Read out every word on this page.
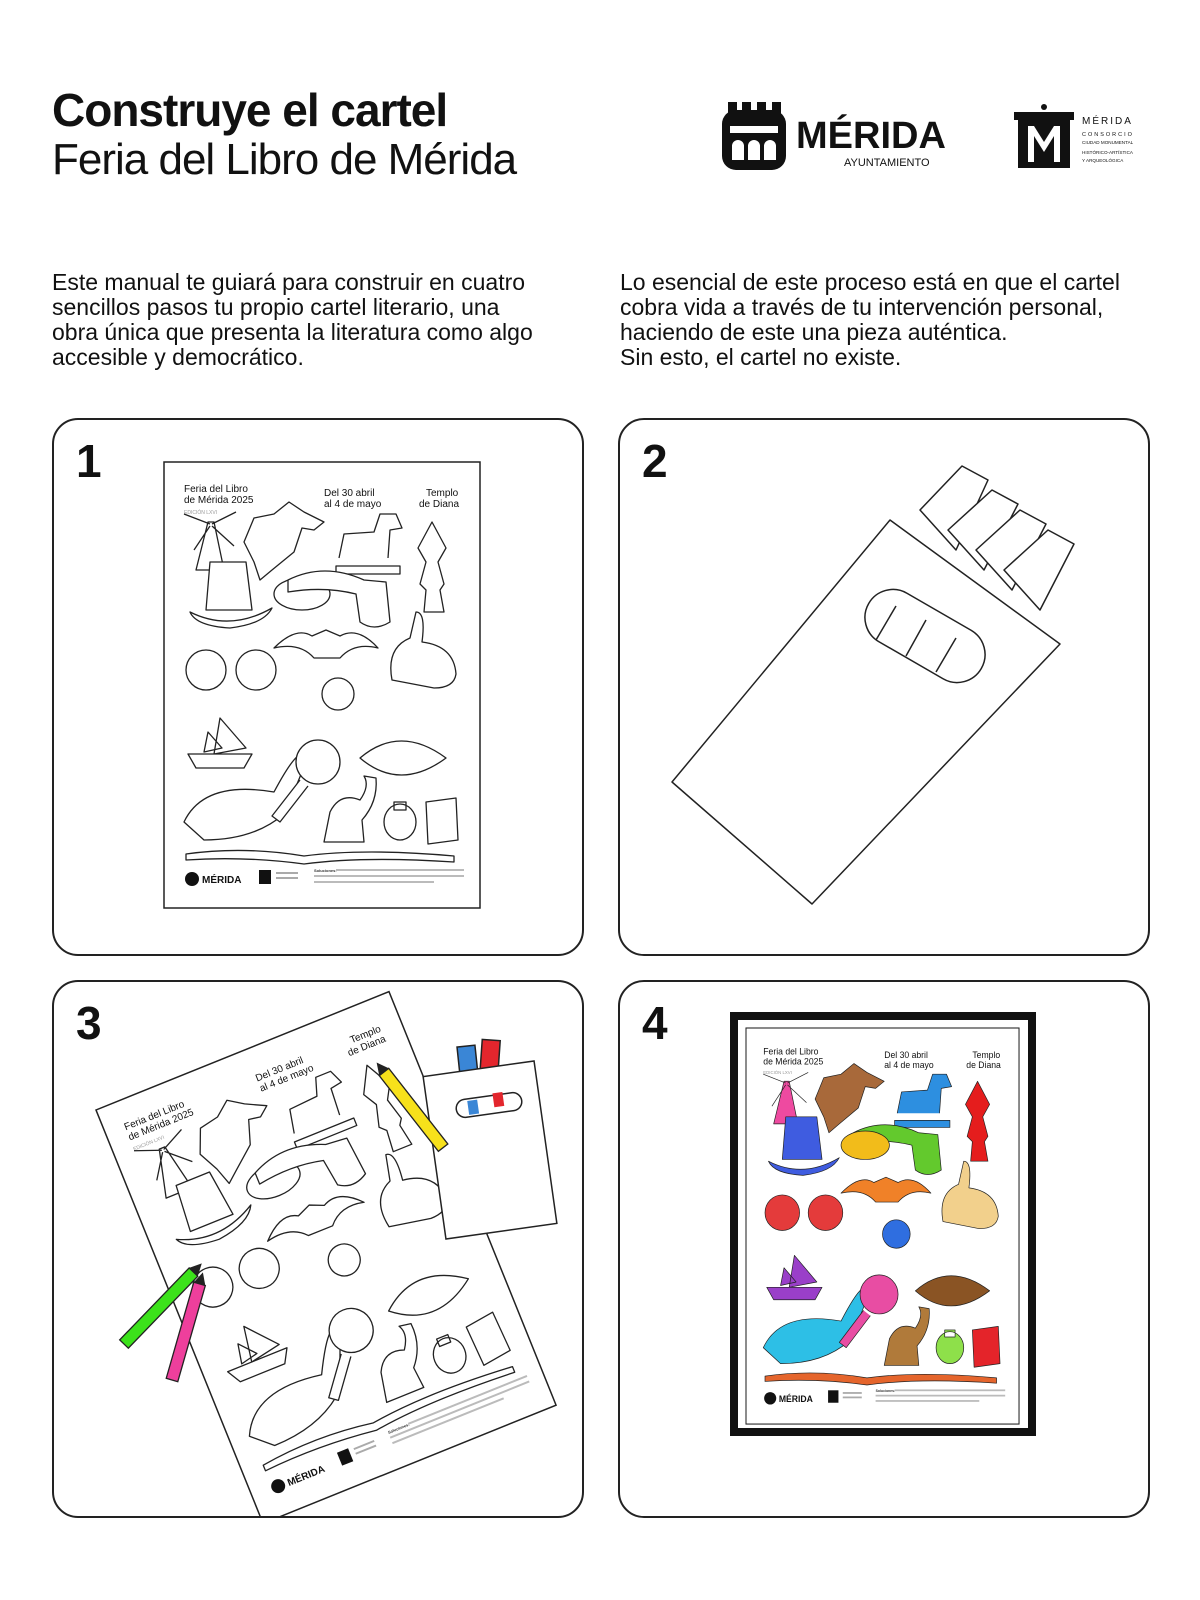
Construye el cartel
Feria del Libro de Mérida	MÉRIDA
AYUNTAMIENTO
MÉRIDA
CONSORCIO
CIUDAD MONUMENTAL
HISTÓRICO-ARTÍSTICA
Y ARQUEOLÓGICA
Este manual te guiará para construir en cuatro
sencillos pasos tu propio cartel literario, una
obra única que presenta la literatura como algo
accesible y democrático.
Lo esencial de este proceso está en que el cartel
cobra vida a través de tu intervención personal,
haciendo de este una pieza auténtica.
Sin esto, el cartel no existe.
1	2
3	4
